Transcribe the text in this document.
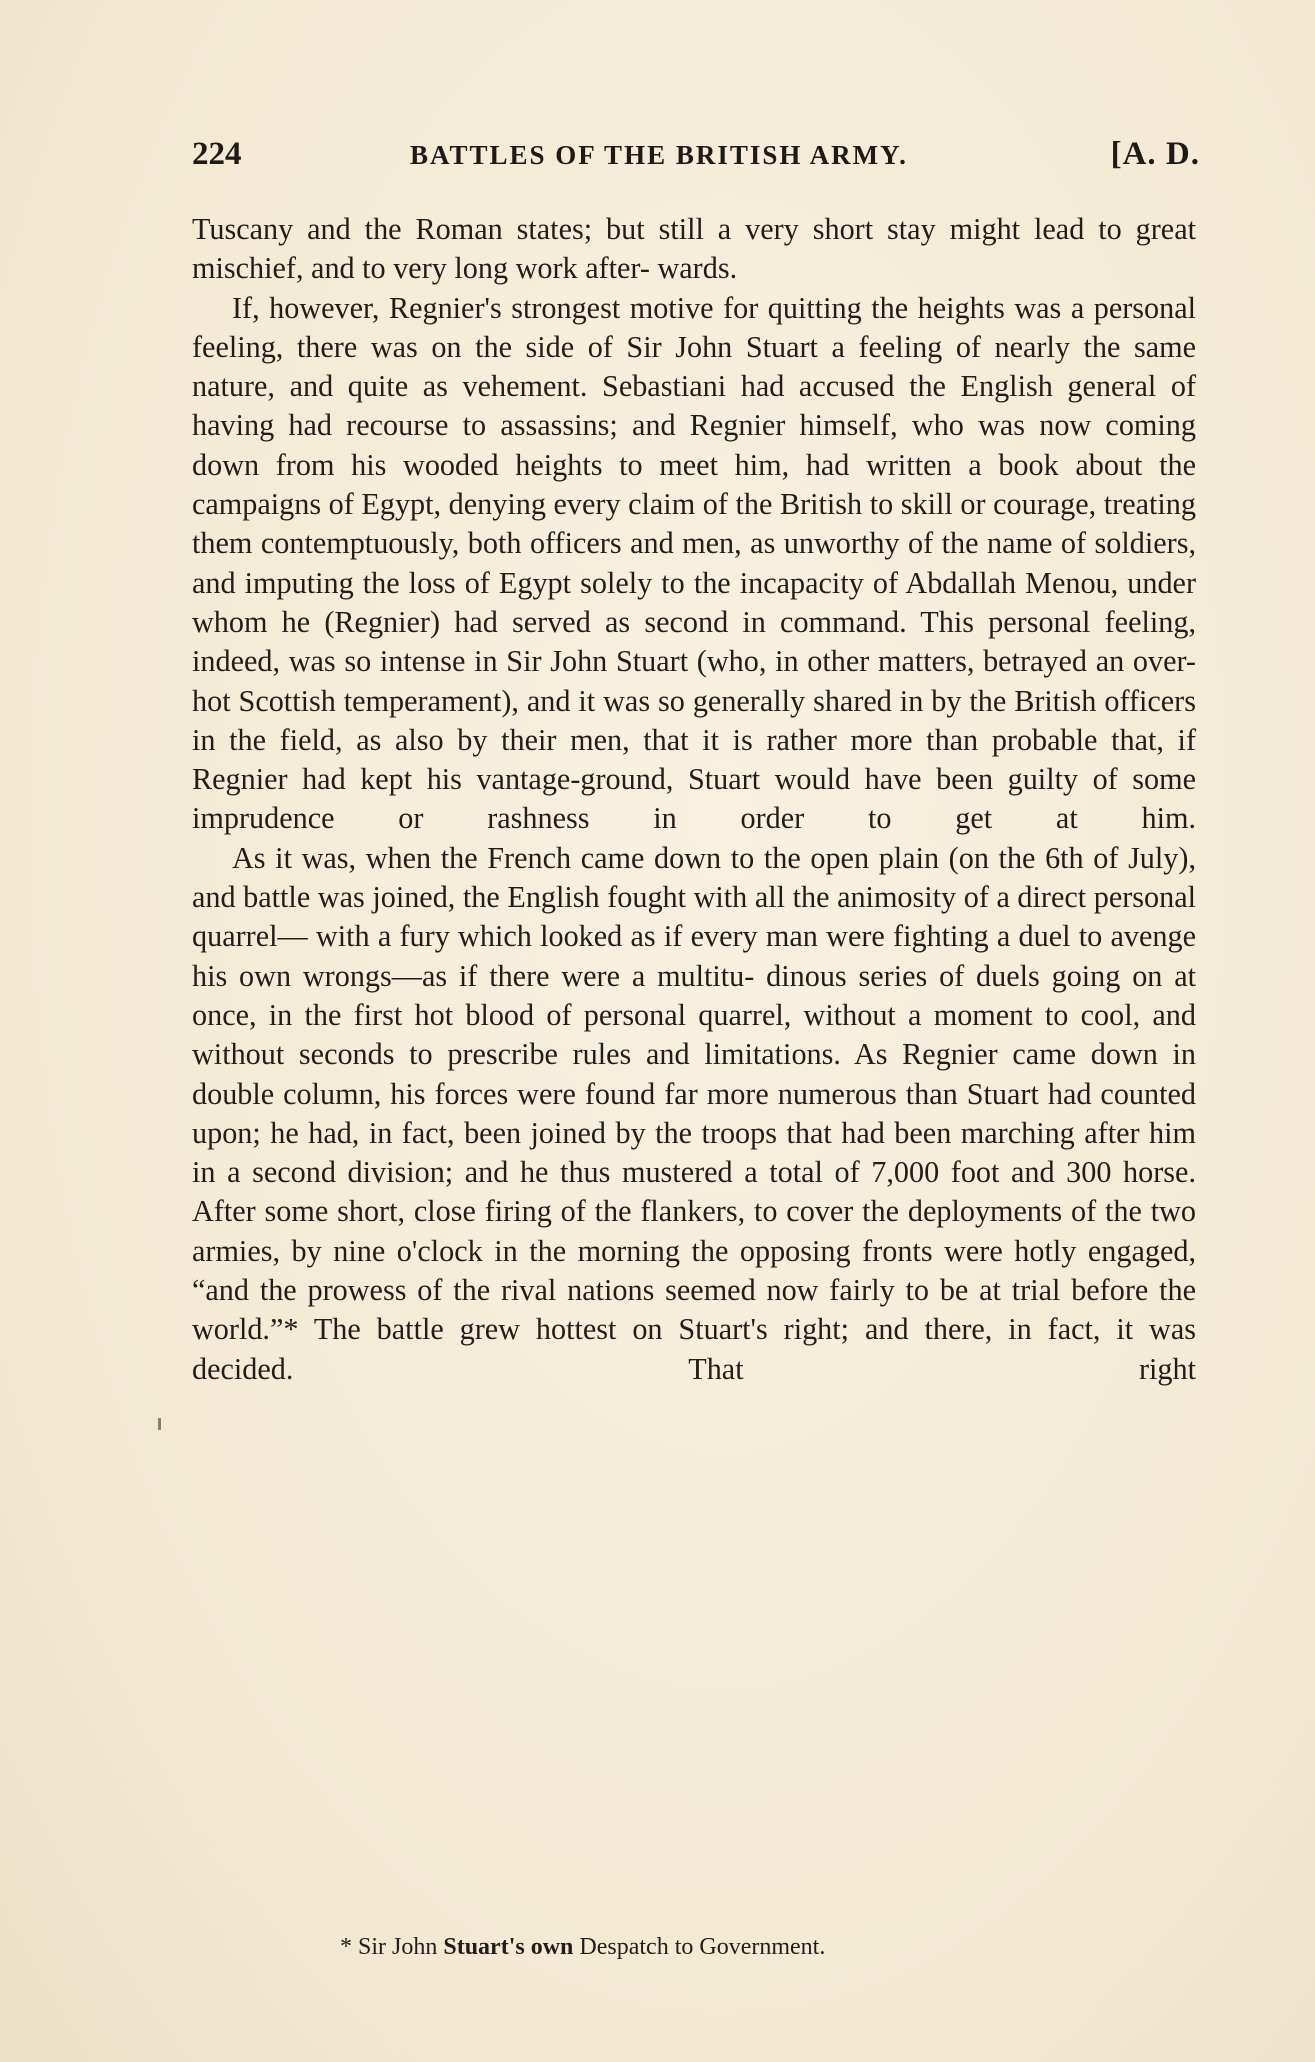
224	BATTLES OF THE BRITISH ARMY.	[A. D.

Tuscany and the Roman states; but still a very short stay might lead to great mischief, and to very long work after- wards.

If, however, Regnier's strongest motive for quitting the heights was a personal feeling, there was on the side of Sir John Stuart a feeling of nearly the same nature, and quite as vehement. Sebastiani had accused the English general of having had recourse to assassins; and Regnier himself, who was now coming down from his wooded heights to meet him, had written a book about the campaigns of Egypt, denying every claim of the British to skill or courage, treating them contemptuously, both officers and men, as unworthy of the name of soldiers, and imputing the loss of Egypt solely to the incapacity of Abdallah Menou, under whom he (Regnier) had served as second in command. This personal feeling, indeed, was so intense in Sir John Stuart (who, in other matters, betrayed an over- hot Scottish temperament), and it was so generally shared in by the British officers in the field, as also by their men, that it is rather more than probable that, if Regnier had kept his vantage-ground, Stuart would have been guilty of some imprudence or rashness in order to get at him.

As it was, when the French came down to the open plain (on the 6th of July), and battle was joined, the English fought with all the animosity of a direct personal quarrel— with a fury which looked as if every man were fighting a duel to avenge his own wrongs—as if there were a multitu- dinous series of duels going on at once, in the first hot blood of personal quarrel, without a moment to cool, and without seconds to prescribe rules and limitations. As Regnier came down in double column, his forces were found far more numerous than Stuart had counted upon; he had, in fact, been joined by the troops that had been marching after him in a second division; and he thus mustered a total of 7,000 foot and 300 horse. After some short, close firing of the flankers, to cover the deployments of the two armies, by nine o'clock in the morning the opposing fronts were hotly engaged, “and the prowess of the rival nations seemed now fairly to be at trial before the world.”* The battle grew hottest on Stuart's right; and there, in fact, it was decided. That right

* Sir John Stuart's own Despatch to Government.
